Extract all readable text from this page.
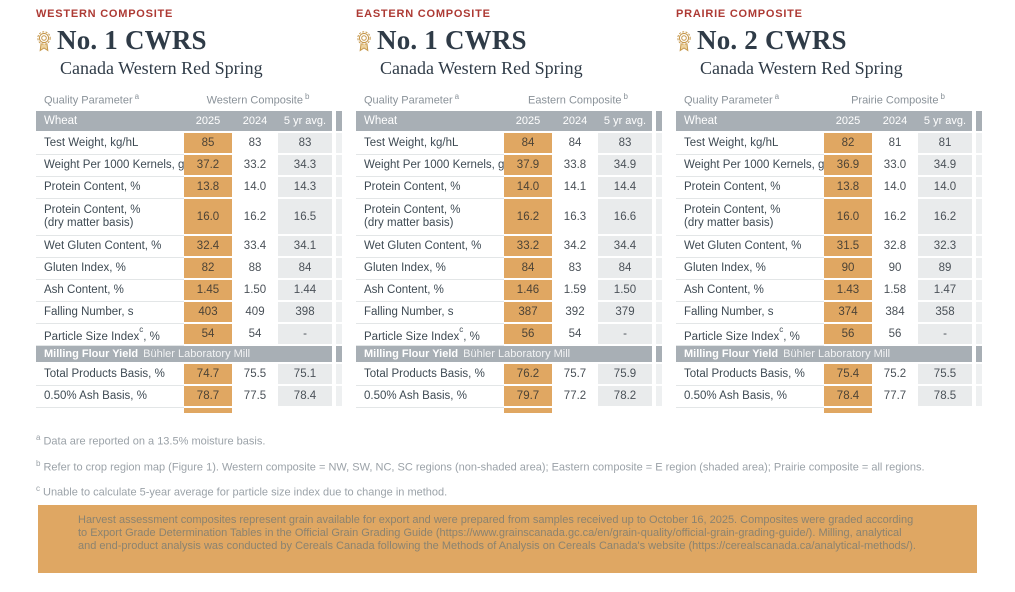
WESTERN COMPOSITE
No. 1 CWRS
Canada Western Red Spring
Quality Parameter $^a$	Western Composite $^b$
Wheat	2025	2024	5 yr avg.
Test Weight, kg/hL	85	83	83
Weight Per 1000 Kernels, g	37.2	33.2	34.3
Protein Content, %	13.8	14.0	14.3
Protein Content, %
(dry matter basis)
16.0	16.2	16.5
Wet Gluten Content, %	32.4	33.4	34.1
Gluten Index, %	82	88	84
Ash Content, %	1.45	1.50	1.44
Falling Number, s	403	409	398
Particle Size Index$^c$, %	54	54	-
Milling Flour Yield Bühler Laboratory Mill
Total Products Basis, %	74.7	75.5	75.1
0.50% Ash Basis, %	78.7	77.5	78.4
EASTERN COMPOSITE
No. 1 CWRS
Canada Western Red Spring
Quality Parameter $^a$	Eastern Composite $^b$
Wheat	2025	2024	5 yr avg.
Test Weight, kg/hL	84	84	83
Weight Per 1000 Kernels, g	37.9	33.8	34.9
Protein Content, %	14.0	14.1	14.4
Protein Content, %
(dry matter basis)
16.2	16.3	16.6
Wet Gluten Content, %	33.2	34.2	34.4
Gluten Index, %	84	83	84
Ash Content, %	1.46	1.59	1.50
Falling Number, s	387	392	379
Particle Size Index$^c$, %	56	54	-
Milling Flour Yield Bühler Laboratory Mill
Total Products Basis, %	76.2	75.7	75.9
0.50% Ash Basis, %	79.7	77.2	78.2
PRAIRIE COMPOSITE
No. 2 CWRS
Canada Western Red Spring
Quality Parameter $^a$	Prairie Composite $^b$
Wheat	2025	2024	5 yr avg.
Test Weight, kg/hL	82	81	81
Weight Per 1000 Kernels, g	36.9	33.0	34.9
Protein Content, %	13.8	14.0	14.0
Protein Content, %
(dry matter basis)
16.0	16.2	16.2
Wet Gluten Content, %	31.5	32.8	32.3
Gluten Index, %	90	90	89
Ash Content, %	1.43	1.58	1.47
Falling Number, s	374	384	358
Particle Size Index$^c$, %	56	56	-
Milling Flour Yield Bühler Laboratory Mill
Total Products Basis, %	75.4	75.2	75.5
0.50% Ash Basis, %	78.4	77.7	78.5
$^a$ Data are reported on a 13.5% moisture basis.
$^b$ Refer to crop region map (Figure 1). Western composite = NW, SW, NC, SC regions (non-shaded area); Eastern composite = E region (shaded area); Prairie composite = all regions.
$^c$ Unable to calculate 5-year average for particle size index due to change in method.

Harvest assessment composites represent grain available for export and were prepared from samples received up to October 16, 2025. Composites were graded according to Export Grade Determination Tables in the Official Grain Grading Guide (https://www.grainscanada.gc.ca/en/grain-quality/official-grain-grading-guide/). Milling, analytical and end-product analysis was conducted by Cereals Canada following the Methods of Analysis on Cereals Canada's website (https://cerealscanada.ca/analytical-methods/).
